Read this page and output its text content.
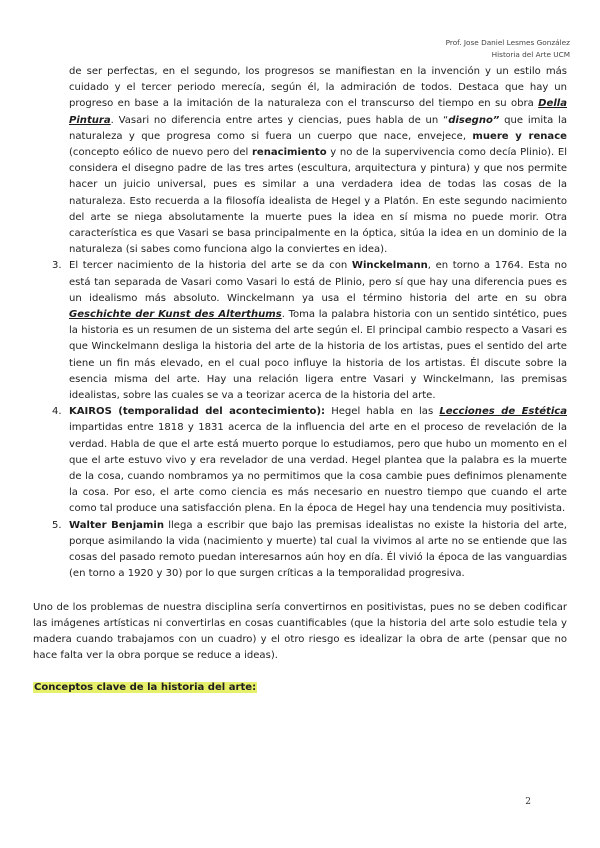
Prof. Jose Daniel Lesmes González
Historia del Arte UCM

de ser perfectas, en el segundo, los progresos se manifiestan en la invención y un estilo más cuidado y el tercer periodo merecía, según él, la admiración de todos. Destaca que hay un progreso en base a la imitación de la naturaleza con el transcurso del tiempo en su obra Della Pintura. Vasari no diferencia entre artes y ciencias, pues habla de un “disegno” que imita la naturaleza y que progresa como si fuera un cuerpo que nace, envejece, muere y renace (concepto eólico de nuevo pero del renacimiento y no de la supervivencia como decía Plinio). El considera el disegno padre de las tres artes (escultura, arquitectura y pintura) y que nos permite hacer un juicio universal, pues es similar a una verdadera idea de todas las cosas de la naturaleza. Esto recuerda a la filosofía idealista de Hegel y a Platón. En este segundo nacimiento del arte se niega absolutamente la muerte pues la idea en sí misma no puede morir. Otra característica es que Vasari se basa principalmente en la óptica, sitúa la idea en un dominio de la naturaleza (si sabes como funciona algo la conviertes en idea).

3. El tercer nacimiento de la historia del arte se da con Winckelmann, en torno a 1764. Esta no está tan separada de Vasari como Vasari lo está de Plinio, pero sí que hay una diferencia pues es un idealismo más absoluto. Winckelmann ya usa el término historia del arte en su obra Geschichte der Kunst des Alterthums. Toma la palabra historia con un sentido sintético, pues la historia es un resumen de un sistema del arte según el. El principal cambio respecto a Vasari es que Winckelmann desliga la historia del arte de la historia de los artistas, pues el sentido del arte tiene un fin más elevado, en el cual poco influye la historia de los artistas. Él discute sobre la esencia misma del arte. Hay una relación ligera entre Vasari y Winckelmann, las premisas idealistas, sobre las cuales se va a teorizar acerca de la historia del arte.
4. KAIROS (temporalidad del acontecimiento): Hegel habla en las Lecciones de Estética impartidas entre 1818 y 1831 acerca de la influencia del arte en el proceso de revelación de la verdad. Habla de que el arte está muerto porque lo estudiamos, pero que hubo un momento en el que el arte estuvo vivo y era revelador de una verdad. Hegel plantea que la palabra es la muerte de la cosa, cuando nombramos ya no permitimos que la cosa cambie pues definimos plenamente la cosa. Por eso, el arte como ciencia es más necesario en nuestro tiempo que cuando el arte como tal produce una satisfacción plena. En la época de Hegel hay una tendencia muy positivista.
5. Walter Benjamin llega a escribir que bajo las premisas idealistas no existe la historia del arte, porque asimilando la vida (nacimiento y muerte) tal cual la vivimos al arte no se entiende que las cosas del pasado remoto puedan interesarnos aún hoy en día. Él vivió la época de las vanguardias (en torno a 1920 y 30) por lo que surgen críticas a la temporalidad progresiva.

Uno de los problemas de nuestra disciplina sería convertirnos en positivistas, pues no se deben codificar las imágenes artísticas ni convertirlas en cosas cuantificables (que la historia del arte solo estudie tela y madera cuando trabajamos con un cuadro) y el otro riesgo es idealizar la obra de arte (pensar que no hace falta ver la obra porque se reduce a ideas).

Conceptos clave de la historia del arte:

2
